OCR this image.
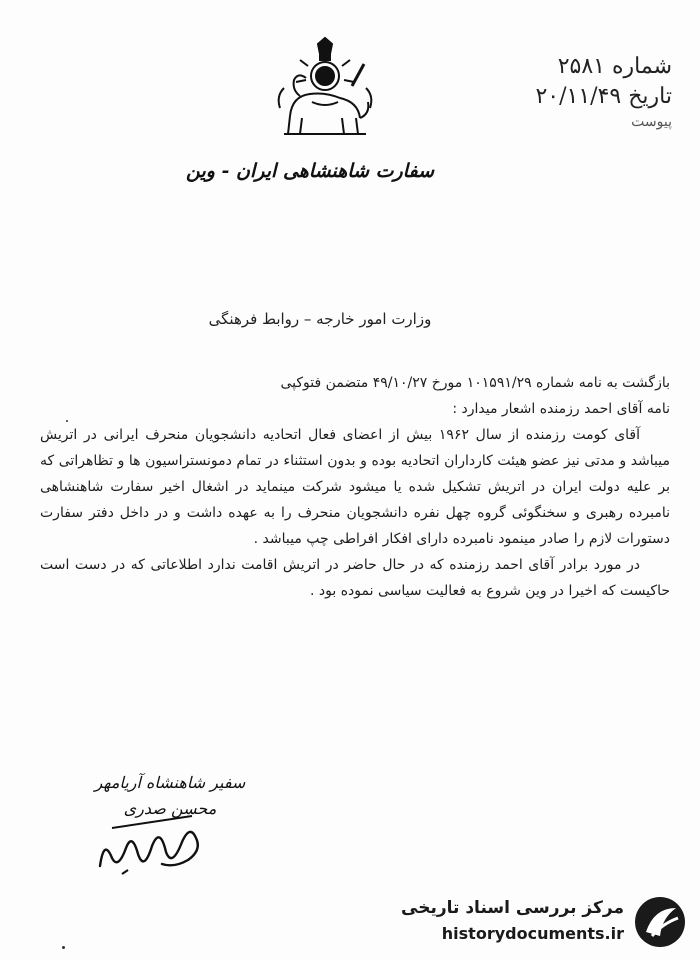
شماره ۲۵۸۱
تاریخ ۲۰/۱۱/۴۹
پیوست
سفارت شاهنشاهی ایران - وین
وزارت امور خارجه – روابط فرهنگی

بازگشت به نامه شماره ۱۰۱۵۹۱/۲۹ مورخ ۴۹/۱۰/۲۷ متضمن فتوکپی

نامه آقای احمد رزمنده اشعار میدارد :

آقای کومت رزمنده از سال ۱۹۶۲ بیش از اعضای فعال اتحادیه دانشجویان منحرف ایرانی در اتریش میباشد و مدتی نیز عضو هیئت کارداران اتحادیه بوده و بدون استثناء در تمام دمونستراسیون ها و تظاهراتی که بر علیه دولت ایران در اتریش تشکیل شده یا میشود شرکت مینماید در اشغال اخیر سفارت شاهنشاهی نامبرده رهبری و سخنگوئی گروه چهل نفره دانشجویان منحرف را به عهده داشت و در داخل دفتر سفارت دستورات لازم را صادر مینمود نامبرده دارای افکار افراطی چپ میباشد .

در مورد برادر آقای احمد رزمنده که در حال حاضر در اتریش اقامت ندارد اطلاعاتی که در دست است حاکیست که اخیرا در وین شروع به فعالیت سیاسی نموده بود .

سفیر شاهنشاه آریامهر
محسن صدری
مرکز بررسی اسناد تاریخی
historydocuments.ir
